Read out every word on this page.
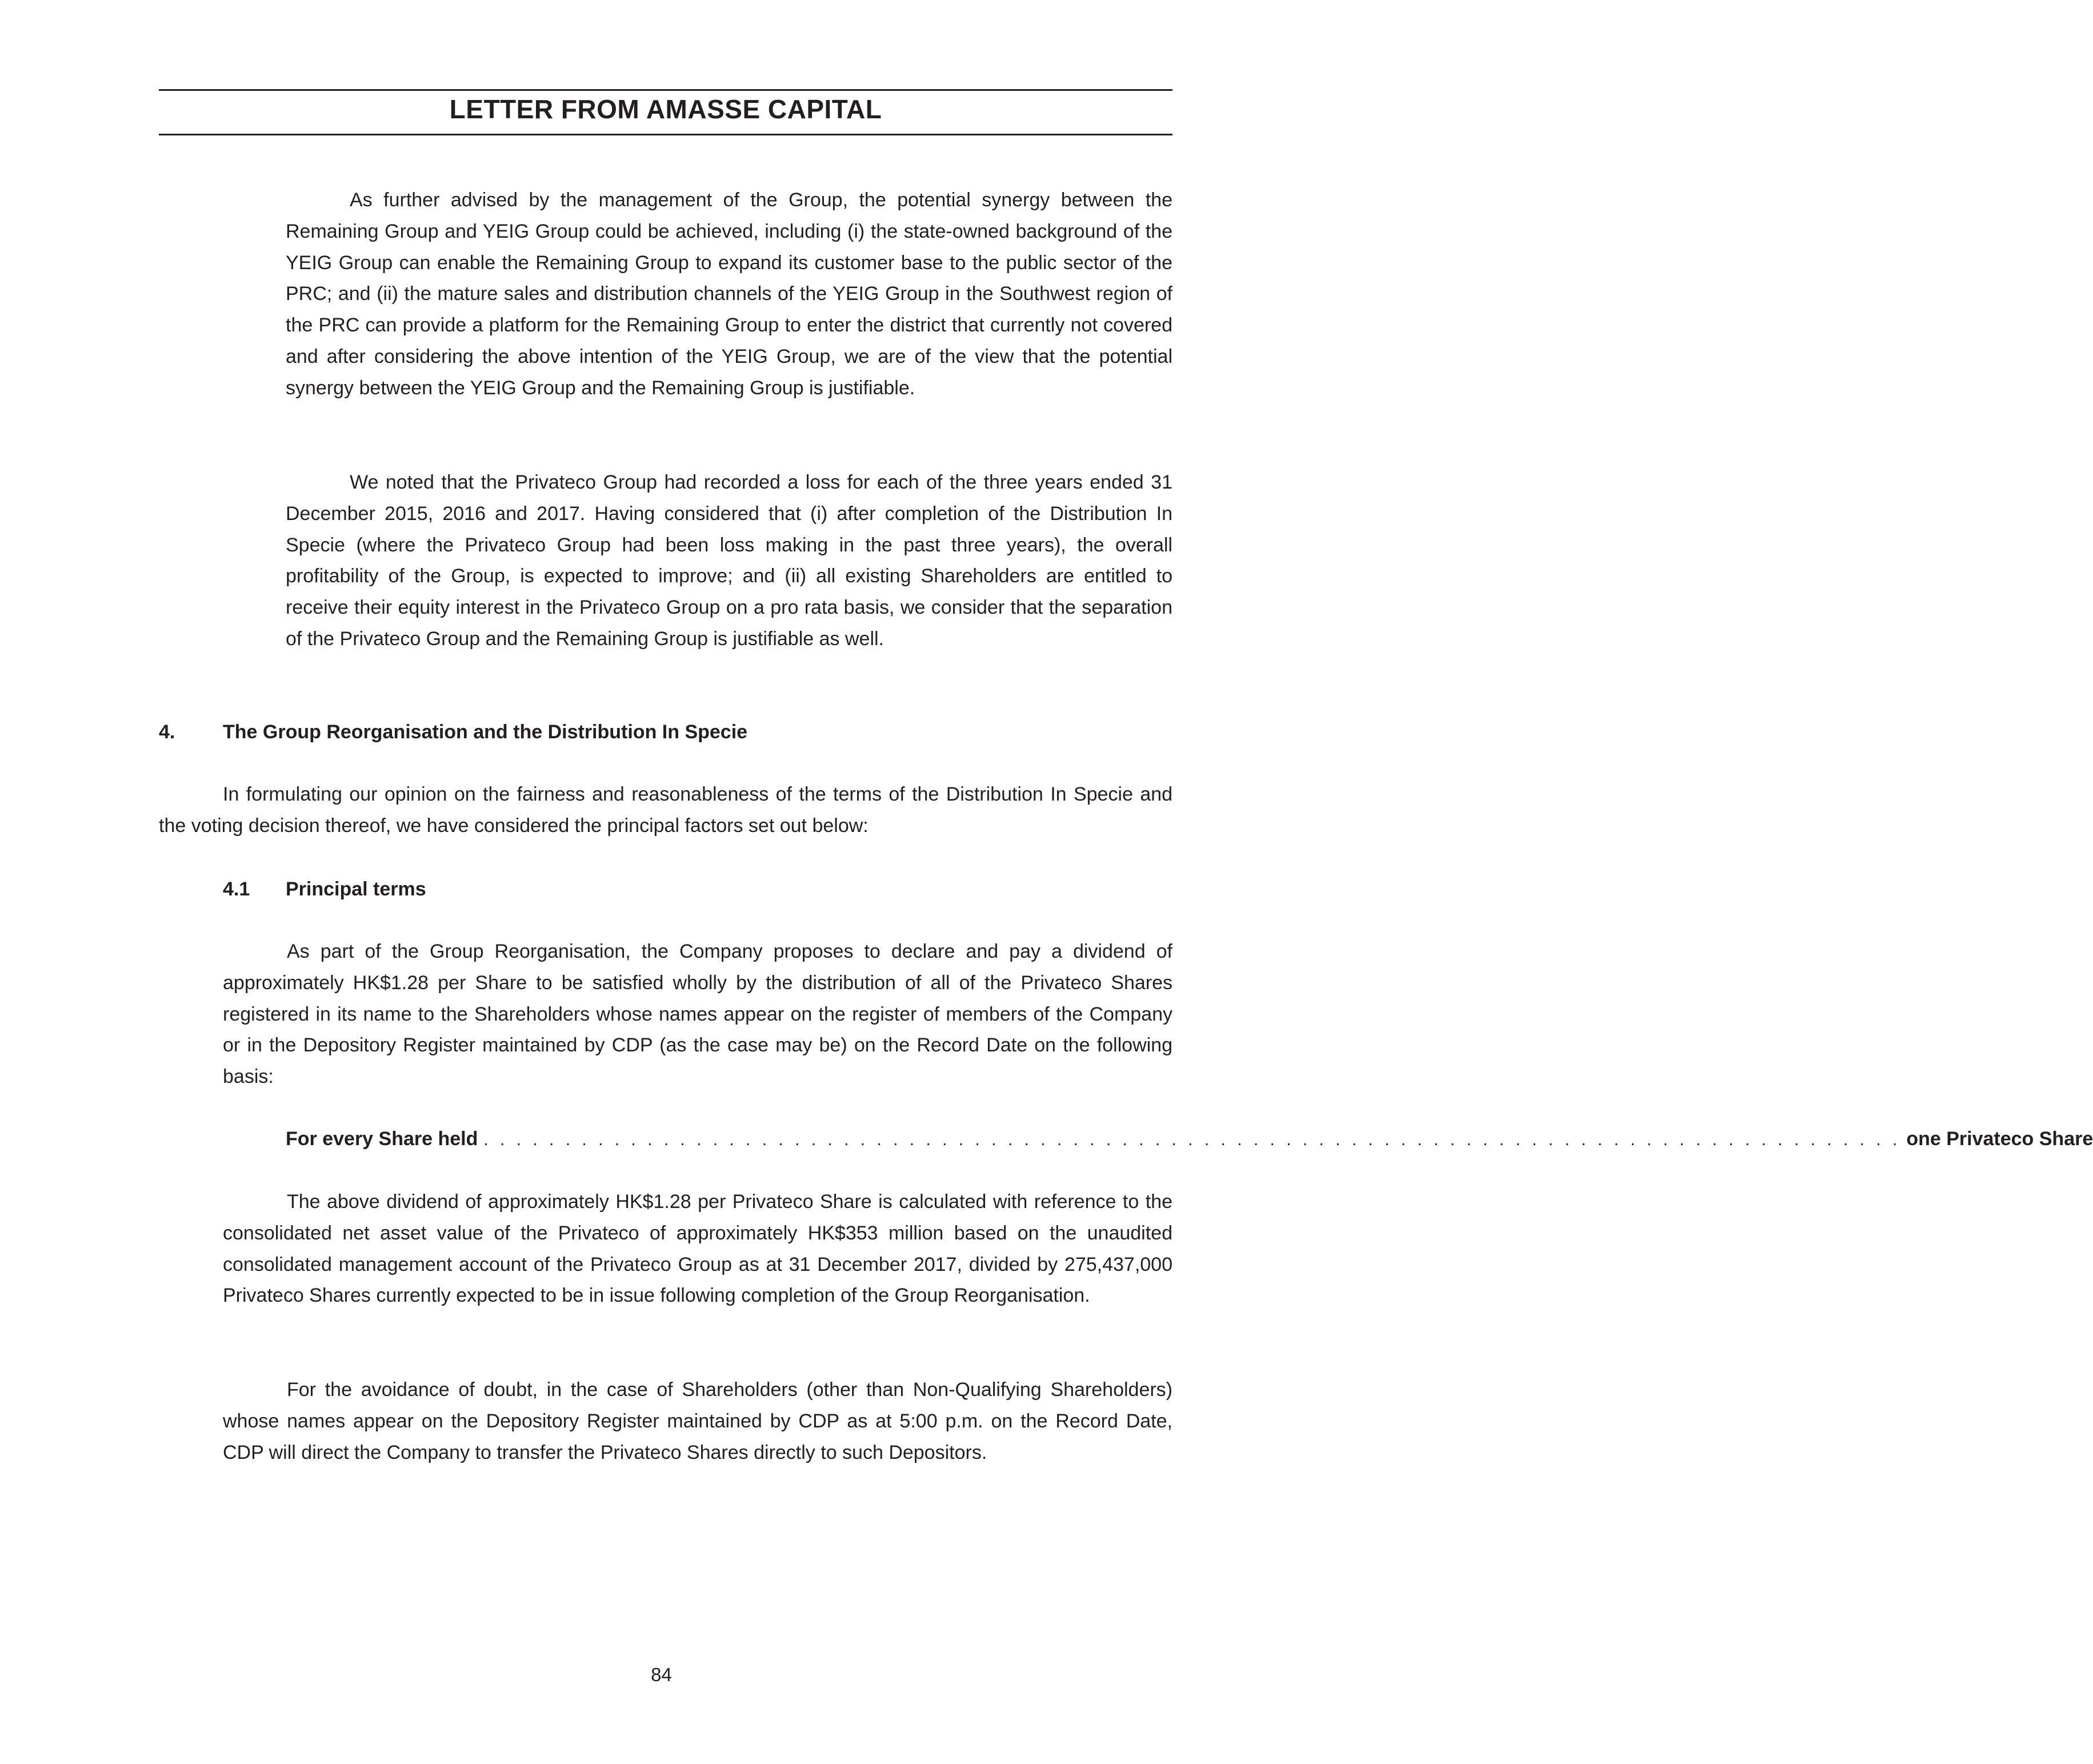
LETTER FROM AMASSE CAPITAL

As further advised by the management of the Group, the potential synergy between the Remaining Group and YEIG Group could be achieved, including (i) the state-owned background of the YEIG Group can enable the Remaining Group to expand its customer base to the public sector of the PRC; and (ii) the mature sales and distribution channels of the YEIG Group in the Southwest region of the PRC can provide a platform for the Remaining Group to enter the district that currently not covered and after considering the above intention of the YEIG Group, we are of the view that the potential synergy between the YEIG Group and the Remaining Group is justifiable.

We noted that the Privateco Group had recorded a loss for each of the three years ended 31 December 2015, 2016 and 2017. Having considered that (i) after completion of the Distribution In Specie (where the Privateco Group had been loss making in the past three years), the overall profitability of the Group, is expected to improve; and (ii) all existing Shareholders are entitled to receive their equity interest in the Privateco Group on a pro rata basis, we consider that the separation of the Privateco Group and the Remaining Group is justifiable as well.

4. The Group Reorganisation and the Distribution In Specie

In formulating our opinion on the fairness and reasonableness of the terms of the Distribution In Specie and the voting decision thereof, we have considered the principal factors set out below:

4.1 Principal terms

As part of the Group Reorganisation, the Company proposes to declare and pay a dividend of approximately HK$1.28 per Share to be satisfied wholly by the distribution of all of the Privateco Shares registered in its name to the Shareholders whose names appear on the register of members of the Company or in the Depository Register maintained by CDP (as the case may be) on the Record Date on the following basis:

For every Share held . . . . . . . . . . . . . . . . . . . . . . . . . . . . . . . . . . . . . . . . . . . . . . . . . . . . . . . . . . . . . . . . . . . . . . . . . . . . . . . . . . . . . . . one Privateco Share

The above dividend of approximately HK$1.28 per Privateco Share is calculated with reference to the consolidated net asset value of the Privateco of approximately HK$353 million based on the unaudited consolidated management account of the Privateco Group as at 31 December 2017, divided by 275,437,000 Privateco Shares currently expected to be in issue following completion of the Group Reorganisation.

For the avoidance of doubt, in the case of Shareholders (other than Non-Qualifying Shareholders) whose names appear on the Depository Register maintained by CDP as at 5:00 p.m. on the Record Date, CDP will direct the Company to transfer the Privateco Shares directly to such Depositors.

84
